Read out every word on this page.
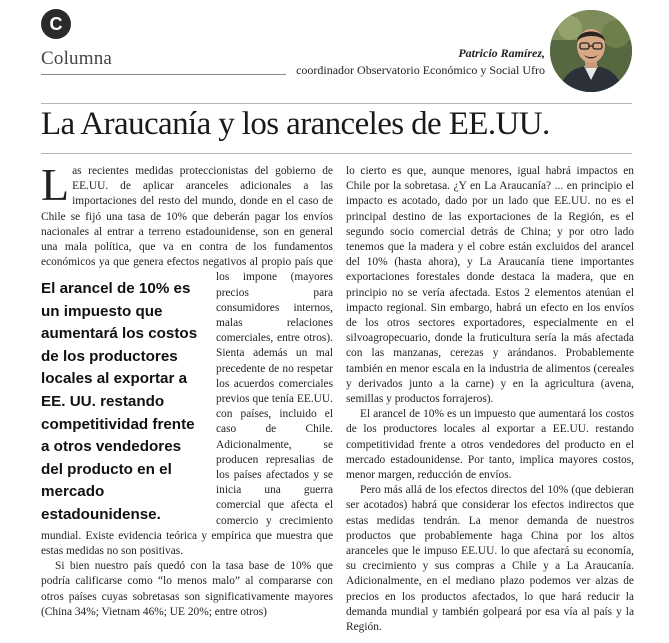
C
Columna	Patricio Ramírez,
coordinador Observatorio Económico y Social Ufro
La Araucanía y los aranceles de EE.UU.

L
El arancel de 10% es un impuesto que aumentará los costos de los productores locales al exportar a EE. UU. restando competitividad frente a otros vendedores del producto en el mercado estadounidense.
as recientes medidas proteccionistas del gobierno de EE.UU. de aplicar aranceles adicionales a las importaciones del resto del mundo, donde en el caso de Chile se fijó una tasa de 10% que deberán pagar los envíos nacionales al entrar a terreno estadounidense, son en general una mala política, que va en contra de los fundamentos económicos ya que genera efectos negativos al propio país que los impone (mayores precios para consumidores internos, malas relaciones comerciales, entre otros). Sienta además un mal precedente de no respetar los acuerdos comerciales previos que tenía EE.UU. con países, incluido el caso de Chile. Adicionalmente, se producen represalias de los países afectados y se inicia una guerra comercial que afecta el comercio y crecimiento mundial. Existe evidencia teórica y empírica que muestra que estas medidas no son positivas.

Si bien nuestro país quedó con la tasa base de 10% que podría calificarse como “lo menos malo” al compararse con otros países cuyas sobretasas son significativamente mayores (China 34%; Vietnam 46%; UE 20%; entre otros)

lo cierto es que, aunque menores, igual habrá impactos en Chile por la sobretasa. ¿Y en La Araucanía? ... en principio el impacto es acotado, dado por un lado que EE.UU. no es el principal destino de las exportaciones de la Región, es el segundo socio comercial detrás de China; y por otro lado tenemos que la madera y el cobre están excluidos del arancel del 10% (hasta ahora), y La Araucanía tiene importantes exportaciones forestales donde destaca la madera, que en principio no se vería afectada. Estos 2 elementos atenúan el impacto regional. Sin embargo, habrá un efecto en los envíos de los otros sectores exportadores, especialmente en el silvoagropecuario, donde la fruticultura sería la más afectada con las manzanas, cerezas y arándanos. Probablemente también en menor escala en la industria de alimentos (cereales y derivados junto a la carne) y en la agricultura (avena, semillas y productos forrajeros).

El arancel de 10% es un impuesto que aumentará los costos de los productores locales al exportar a EE.UU. restando competitividad frente a otros vendedores del producto en el mercado estadounidense. Por tanto, implica mayores costos, menor margen, reducción de envíos.

Pero más allá de los efectos directos del 10% (que debieran ser acotados) habrá que considerar los efectos indirectos que estas medidas tendrán. La menor demanda de nuestros productos que probablemente haga China por los altos aranceles que le impuso EE.UU. lo que afectará su economía, su crecimiento y sus compras a Chile y a La Araucanía. Adicionalmente, en el mediano plazo podemos ver alzas de precios en los productos afectados, lo que hará reducir la demanda mundial y también golpeará por esa vía al país y la Región.
